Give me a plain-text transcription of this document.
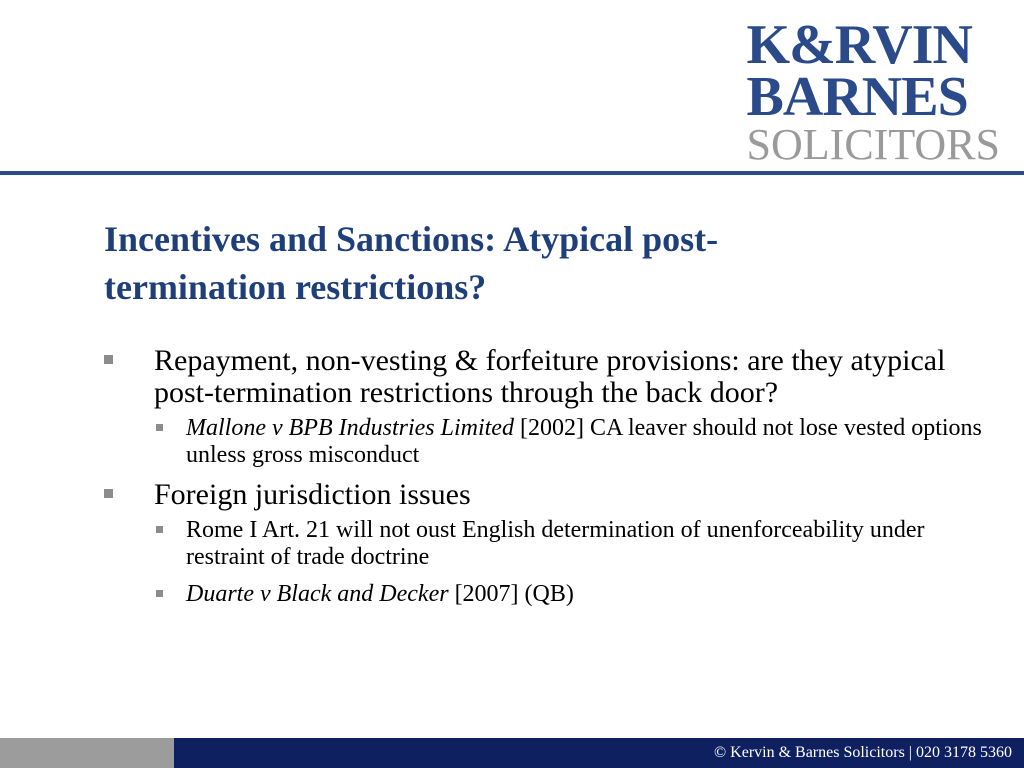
K&RVIN
BARNES
SOLICITORS
Incentives and Sanctions: Atypical post-termination restrictions?
Repayment, non-vesting & forfeiture provisions: are they atypical post-termination restrictions through the back door?
Mallone v BPB Industries Limited [2002] CA leaver should not lose vested options unless gross misconduct
Foreign jurisdiction issues
Rome I Art. 21 will not oust English determination of unenforceability under restraint of trade doctrine
Duarte v Black and Decker [2007] (QB)
© Kervin & Barnes Solicitors | 020 3178 5360
